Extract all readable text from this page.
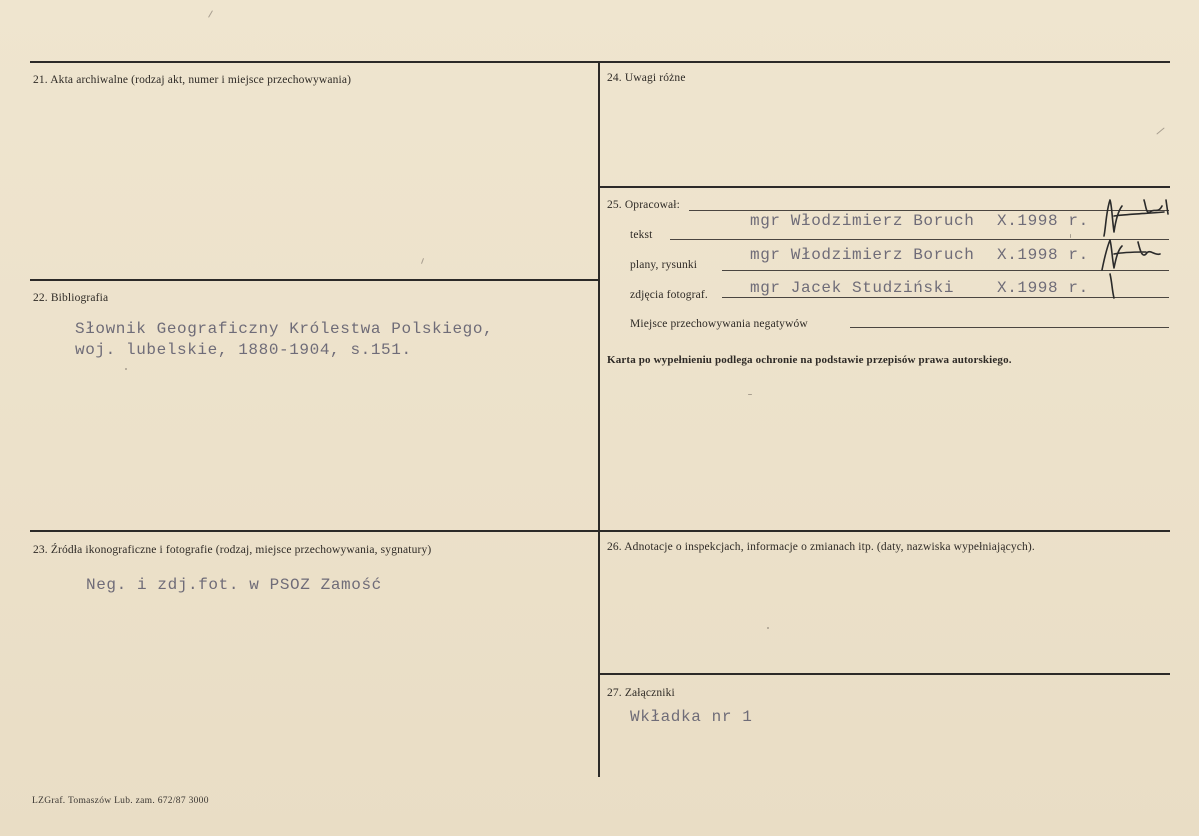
21. Akta archiwalne (rodzaj akt, numer i miejsce przechowywania)
22. Bibliografia
Słownik Geograficzny Królestwa Polskiego,
woj. lubelskie, 1880-1904, s.151.
23. Źródła ikonograficzne i fotografie (rodzaj, miejsce przechowywania, sygnatury)
Neg. i zdj.fot. w PSOZ Zamość
24. Uwagi różne
25. Opracował:
tekst
mgr Włodzimierz Boruch X.1998 r.
plany, rysunki
mgr Włodzimierz Boruch X.1998 r.
zdjęcia fotograf.	mgr Jacek Studziński	X.1998 r.
Miejsce przechowywania negatywów
Karta po wypełnieniu podlega ochronie na podstawie przepisów prawa autorskiego.
26. Adnotacje o inspekcjach, informacje o zmianach itp. (daty, nazwiska wypełniających).
27. Załączniki
Wkładka nr 1
LZGraf. Tomaszów Lub. zam. 672/87 3000
